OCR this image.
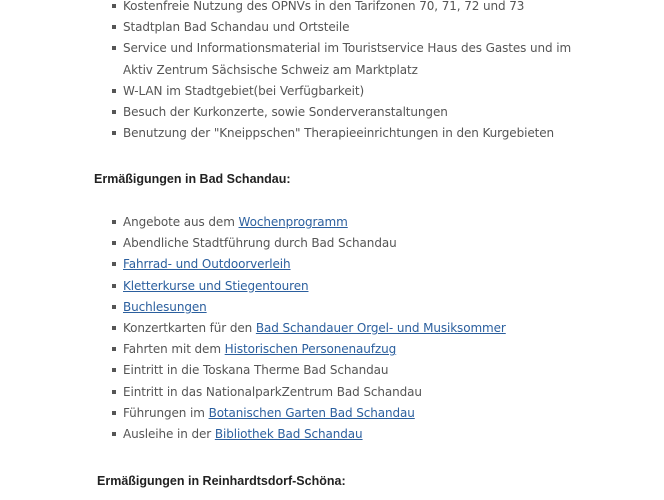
Kostenfreie Nutzung des ÖPNVs in den Tarifzonen 70, 71, 72 und 73
Stadtplan Bad Schandau und Ortsteile
Service und Informationsmaterial im Touristservice Haus des Gastes und im
Aktiv Zentrum Sächsische Schweiz am Marktplatz
W-LAN im Stadtgebiet(bei Verfügbarkeit)
Besuch der Kurkonzerte, sowie Sonderveranstaltungen
Benutzung der "Kneippschen" Therapieeinrichtungen in den Kurgebieten

Ermäßigungen in Bad Schandau:

Angebote aus dem Wochenprogramm
Abendliche Stadtführung durch Bad Schandau
Fahrrad- und Outdoorverleih
Kletterkurse und Stiegentouren
Buchlesungen
Konzertkarten für den Bad Schandauer Orgel- und Musiksommer
Fahrten mit dem Historischen Personenaufzug
Eintritt in die Toskana Therme Bad Schandau
Eintritt in das NationalparkZentrum Bad Schandau
Führungen im Botanischen Garten Bad Schandau
Ausleihe in der Bibliothek Bad Schandau

Ermäßigungen in Reinhardtsdorf-Schöna:
